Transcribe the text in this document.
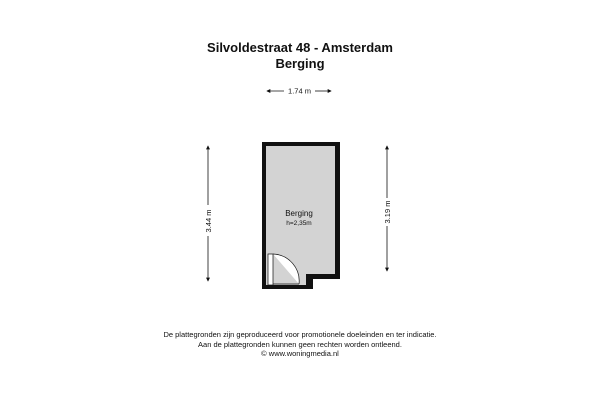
Silvoldestraat 48 - Amsterdam
Berging
1.74 m
3.44 m	3.19 m
Berging
h=2,35m
De plattegronden zijn geproduceerd voor promotionele doeleinden en ter indicatie.
Aan de plattegronden kunnen geen rechten worden ontleend.
© www.woningmedia.nl
